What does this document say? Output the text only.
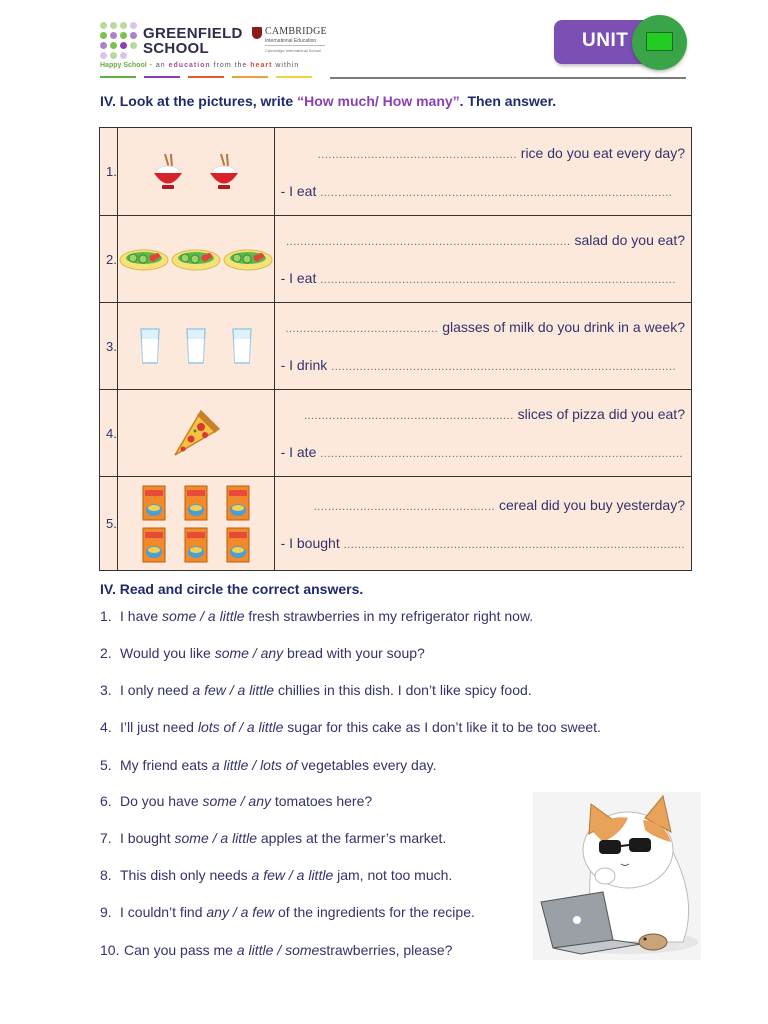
GREENFIELD
SCHOOL
CAMBRIDGE
International Education
Cambridge International School
Happy School - an education from the heart within
UNIT
IV. Look at the pictures, write “How much/ How many”. Then answer.
1.		........................................................ rice do you eat every day?
- I eat ...................................................................................................

2.		................................................................................ salad do you eat?
- I eat ....................................................................................................

3.		........................................... glasses of milk do you drink in a week?
- I drink .................................................................................................

4.		........................................................... slices of pizza did you eat?
- I ate ......................................................................................................

5.		................................................... cereal did you buy yesterday?
- I bought ................................................................................................
IV. Read and circle the correct answers.
1. I have some / a little fresh strawberries in my refrigerator right now.
2. Would you like some / any bread with your soup?
3. I only need a few / a little chillies in this dish. I don’t like spicy food.
4. I’ll just need lots of / a little sugar for this cake as I don’t like it to be too sweet.
5. My friend eats a little / lots of vegetables every day.
6. Do you have some / any tomatoes here?
7. I bought some / a little apples at the farmer’s market.
8. This dish only needs a few / a little jam, not too much.
9. I couldn’t find any / a few of the ingredients for the recipe.
10. Can you pass me a little / somestrawberries, please?
